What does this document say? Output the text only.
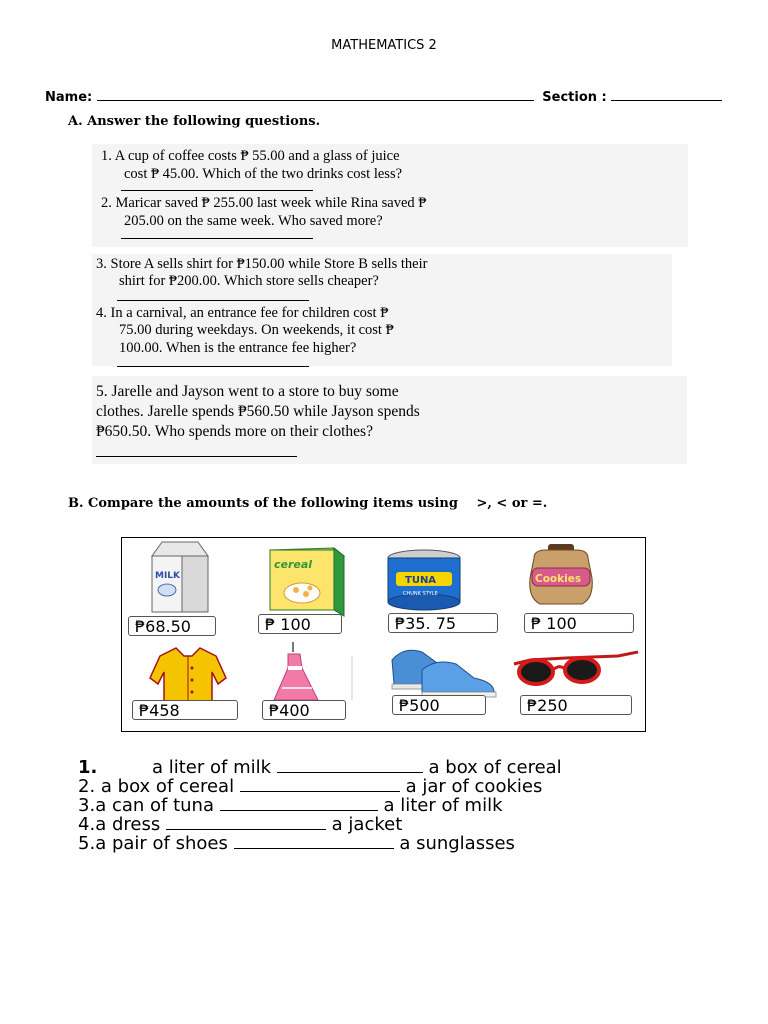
MATHEMATICS 2
Name:	Section :
A. Answer the following questions.
1. A cup of coffee costs ₱ 55.00 and a glass of juice
cost ₱ 45.00. Which of the two drinks cost less?
2. Maricar saved ₱ 255.00 last week while Rina saved ₱
205.00 on the same week. Who saved more?
3. Store A sells shirt for ₱150.00 while Store B sells their
shirt for ₱200.00. Which store sells cheaper?
4. In a carnival, an entrance fee for children cost ₱
75.00 during weekdays. On weekends, it cost ₱
100.00. When is the entrance fee higher?
5. Jarelle and Jayson went to a store to buy some
clothes. Jarelle spends ₱560.50 while Jayson spends
₱650.50. Who spends more on their clothes?
B. Compare the amounts of the following items using >, < or =.
MILK
cereal
TUNA
CHUNK STYLE
Cookies
₱68.50	₱ 100	₱35. 75	₱ 100
₱458	₱400	₱500	₱250
1.	a liter of milk	a box of cereal
2. a box of cereal	a jar of cookies
3.a can of tuna	a liter of milk
4.a dress	a jacket
5.a pair of shoes	a sunglasses
